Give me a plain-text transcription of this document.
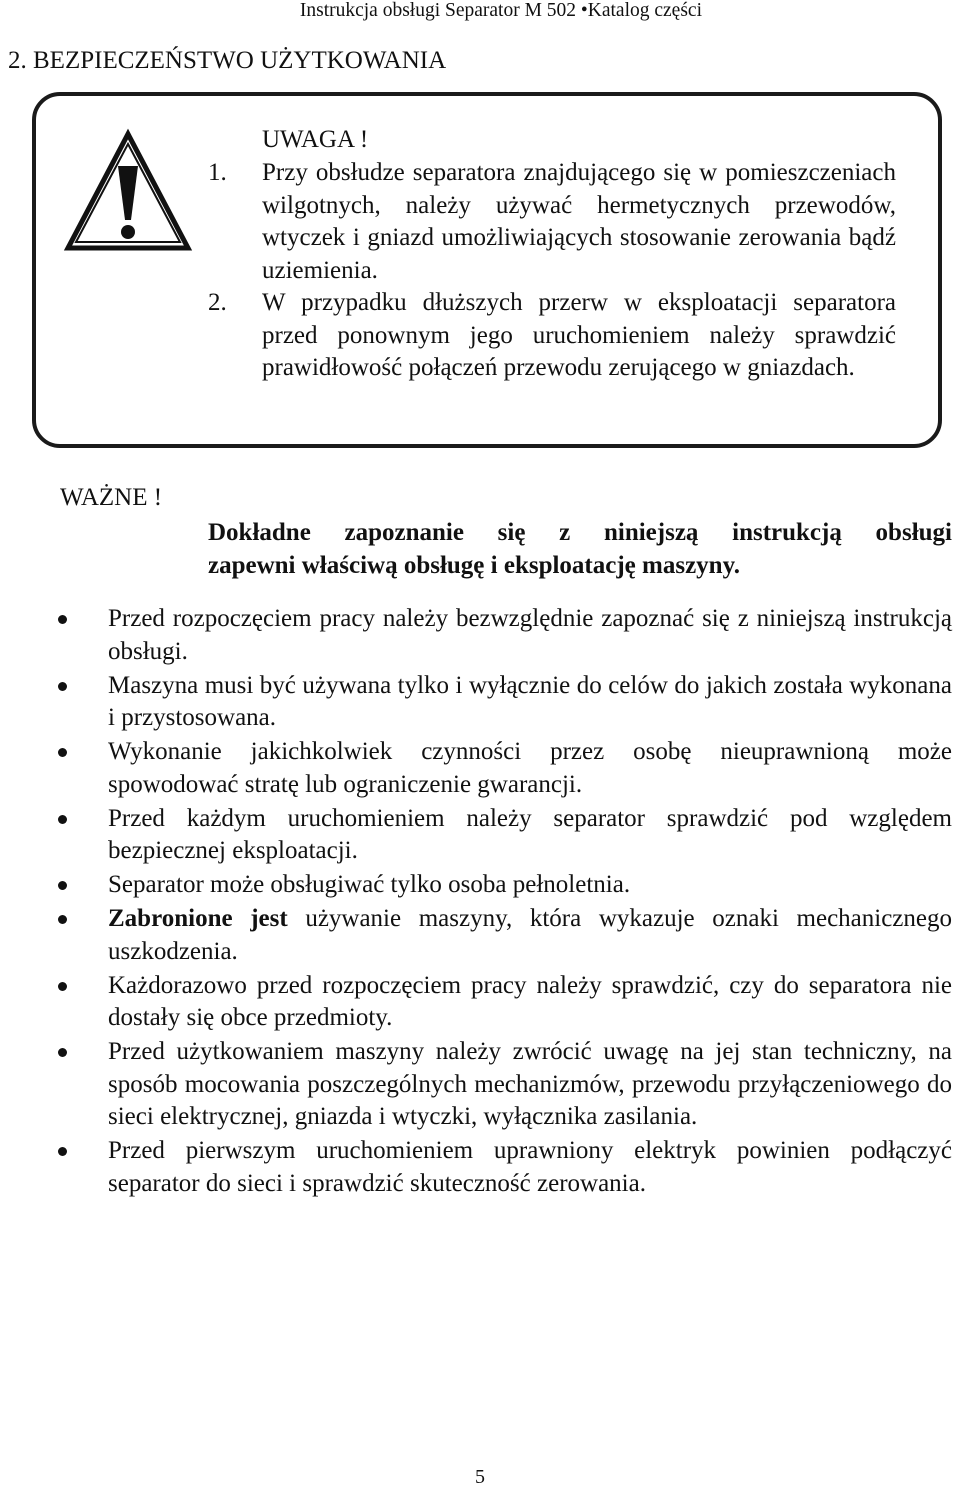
Instrukcja obsługi Separator M 502 •Katalog części
2. BEZPIECZEŃSTWO UŻYTKOWANIA
UWAGA !
1.	Przy obsłudze separatora znajdującego się w pomieszczeniach wilgotnych, należy używać hermetycznych przewodów, wtyczek i gniazd umożliwiających stosowanie zerowania bądź uziemienia.
2.	W przypadku dłuższych przerw w eksploatacji separatora przed ponownym jego uruchomieniem należy sprawdzić prawidłowość połączeń przewodu zerującego w gniazdach.
WAŻNE !
Dokładne zapoznanie się z niniejszą instrukcją obsługi
zapewni właściwą obsługę i eksploatację maszyny.
Przed rozpoczęciem pracy należy bezwzględnie zapoznać się z niniejszą instrukcją obsługi.
Maszyna musi być używana tylko i wyłącznie do celów do jakich została wykonana i przystosowana.
Wykonanie jakichkolwiek czynności przez osobę nieuprawnioną może spowodować stratę lub ograniczenie gwarancji.
Przed każdym uruchomieniem należy separator sprawdzić pod względem bezpiecznej eksploatacji.
Separator może obsługiwać tylko osoba pełnoletnia.
Zabronione jest używanie maszyny, która wykazuje oznaki mechanicznego uszkodzenia.
Każdorazowo przed rozpoczęciem pracy należy sprawdzić, czy do separatora nie dostały się obce przedmioty.
Przed użytkowaniem maszyny należy zwrócić uwagę na jej stan techniczny, na sposób mocowania poszczególnych mechanizmów, przewodu przyłączeniowego do sieci elektrycznej, gniazda i wtyczki, wyłącznika zasilania.
Przed pierwszym uruchomieniem uprawniony elektryk powinien podłączyć separator do sieci i sprawdzić skuteczność zerowania.
5
